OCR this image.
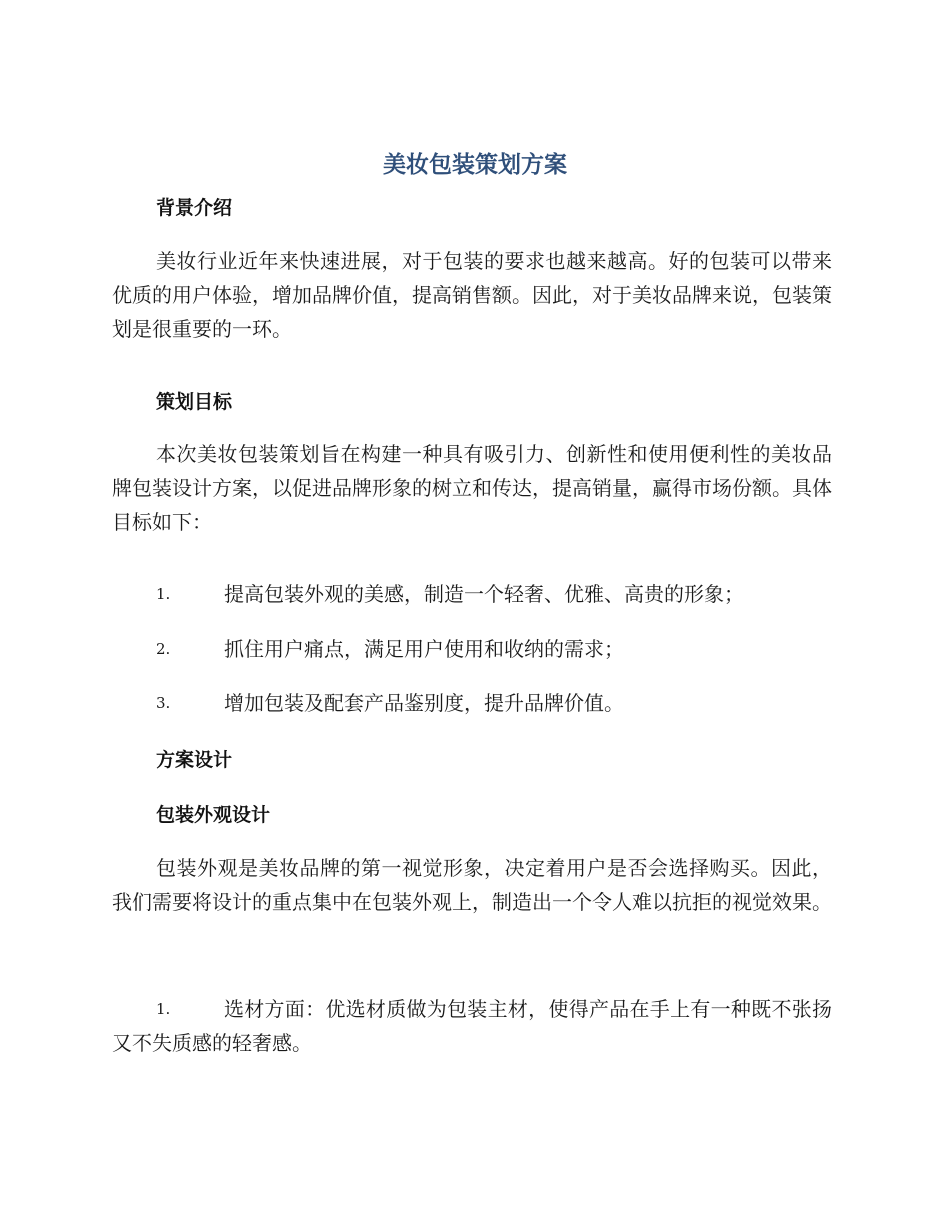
美妆包装策划方案
背景介绍
美妆行业近年来快速进展，对于包装的要求也越来越高。好的包装可以带来优质的用户体验，增加品牌价值，提高销售额。因此，对于美妆品牌来说，包装策划是很重要的一环。
策划目标
本次美妆包装策划旨在构建一种具有吸引力、创新性和使用便利性的美妆品牌包装设计方案，以促进品牌形象的树立和传达，提高销量，赢得市场份额。具体目标如下：
1.	提高包装外观的美感，制造一个轻奢、优雅、高贵的形象；
2.	抓住用户痛点，满足用户使用和收纳的需求；
3.	增加包装及配套产品鉴别度，提升品牌价值。
方案设计
包装外观设计
包装外观是美妆品牌的第一视觉形象，决定着用户是否会选择购买。因此，我们需要将设计的重点集中在包装外观上，制造出一个令人难以抗拒的视觉效果。
1.	选材方面：优选材质做为包装主材，使得产品在手上有一种既不张扬又不失质感的轻奢感。
